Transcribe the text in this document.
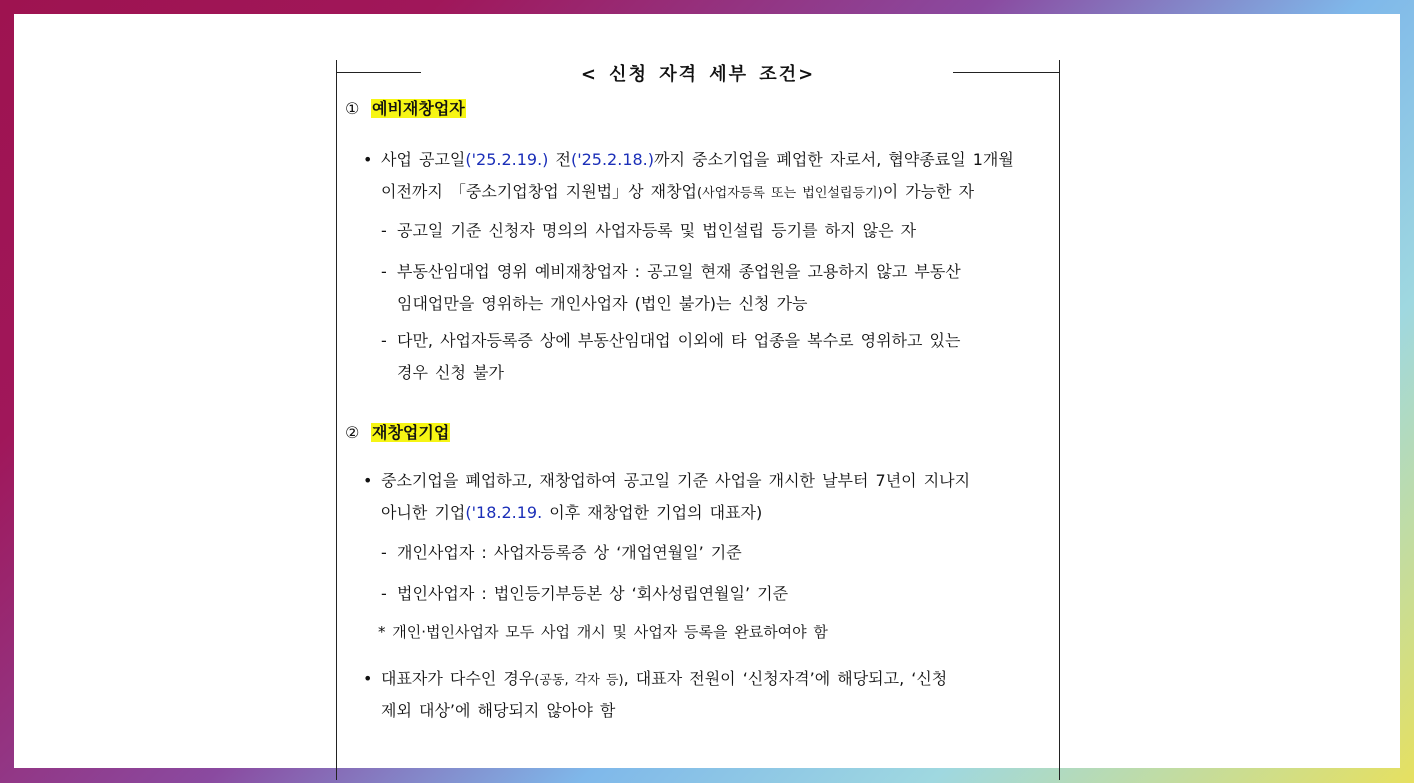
< 신청 자격 세부 조건>
① 예비재창업자
• 사업 공고일('25.2.19.) 전('25.2.18.)까지 중소기업을 폐업한 자로서, 협약종료일 1개월
이전까지 「중소기업창업 지원법」상 재창업(사업자등록 또는 법인설립등기)이 가능한 자
- 공고일 기준 신청자 명의의 사업자등록 및 법인설립 등기를 하지 않은 자
- 부동산임대업 영위 예비재창업자 : 공고일 현재 종업원을 고용하지 않고 부동산
임대업만을 영위하는 개인사업자 (법인 불가)는 신청 가능
- 다만, 사업자등록증 상에 부동산임대업 이외에 타 업종을 복수로 영위하고 있는
경우 신청 불가
② 재창업기업
• 중소기업을 폐업하고, 재창업하여 공고일 기준 사업을 개시한 날부터 7년이 지나지
아니한 기업('18.2.19. 이후 재창업한 기업의 대표자)
- 개인사업자 : 사업자등록증 상 ‘개업연월일’ 기준
- 법인사업자 : 법인등기부등본 상 ‘회사성립연월일’ 기준
* 개인·법인사업자 모두 사업 개시 및 사업자 등록을 완료하여야 함
• 대표자가 다수인 경우(공동, 각자 등), 대표자 전원이 ‘신청자격’에 해당되고, ‘신청
제외 대상’에 해당되지 않아야 함
